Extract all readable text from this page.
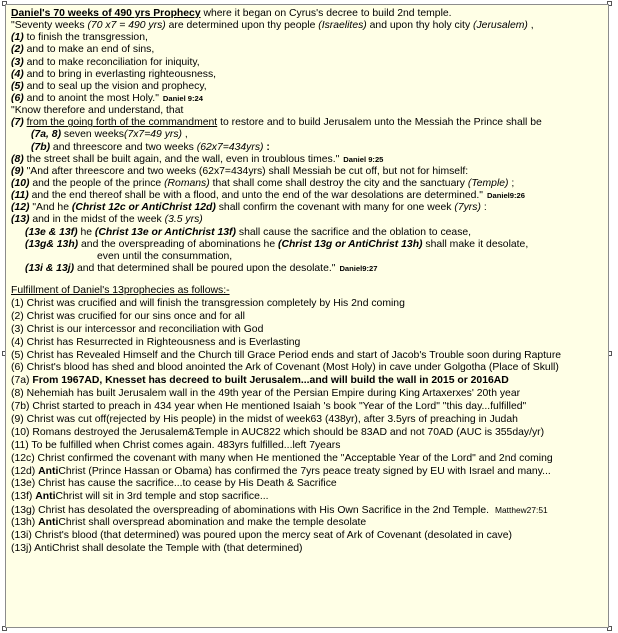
Daniel's 70 weeks of 490 yrs Prophecy where it began on Cyrus's decree to build 2nd temple.
"Seventy weeks (70 x7 = 490 yrs) are determined upon thy people (Israelites) and upon thy holy city (Jerusalem) ,
(1) to finish the transgression,
(2) and to make an end of sins,
(3) and to make reconciliation for iniquity,
(4) and to bring in everlasting righteousness,
(5) and to seal up the vision and prophecy,
(6) and to anoint the most Holy." Daniel 9:24
"Know therefore and understand, that
(7) from the going forth of the commandment to restore and to build Jerusalem unto the Messiah the Prince shall be
(7a, 8) seven weeks(7x7=49 yrs) ,
(7b) and threescore and two weeks (62x7=434yrs) :
(8) the street shall be built again, and the wall, even in troublous times." Daniel 9:25
(9) "And after threescore and two weeks (62x7=434yrs) shall Messiah be cut off, but not for himself:
(10) and the people of the prince (Romans) that shall come shall destroy the city and the sanctuary (Temple) ;
(11) and the end thereof shall be with a flood, and unto the end of the war desolations are determined." Daniel9:26
(12) "And he (Christ 12c or AntiChrist 12d) shall confirm the covenant with many for one week (7yrs) :
(13) and in the midst of the week (3.5 yrs)
(13e & 13f) he (Christ 13e or AntiChrist 13f) shall cause the sacrifice and the oblation to cease,
(13g& 13h) and the overspreading of abominations he (Christ 13g or AntiChrist 13h) shall make it desolate,
even until the consummation,
(13i & 13j) and that determined shall be poured upon the desolate." Daniel9:27
Fulfillment of Daniel's 13prophecies as follows:-
(1) Christ was crucified and will finish the transgression completely by His 2nd coming
(2) Christ was crucified for our sins once and for all
(3) Christ is our intercessor and reconciliation with God
(4) Christ has Resurrected in Righteousness and is Everlasting
(5) Christ has Revealed Himself and the Church till Grace Period ends and start of Jacob's Trouble soon during Rapture
(6) Christ's blood has shed and blood anointed the Ark of Covenant (Most Holy) in cave under Golgotha (Place of Skull)
(7a) From 1967AD, Knesset has decreed to built Jerusalem...and will build the wall in 2015 or 2016AD
(8) Nehemiah has built Jerusalem wall in the 49th year of the Persian Empire during King Artaxerxes' 20th year
(7b) Christ started to preach in 434 year when He mentioned Isaiah 's book "Year of the Lord" "this day...fulfilled"
(9) Christ was cut off(rejected by His people) in the midst of week63 (438yr), after 3.5yrs of preaching in Judah
(10) Romans destroyed the Jerusalem&Temple in AUC822 which should be 83AD and not 70AD (AUC is 355day/yr)
(11) To be fulfilled when Christ comes again. 483yrs fulfilled...left 7years
(12c) Christ confirmed the covenant with many when He mentioned the "Acceptable Year of the Lord" and 2nd coming
(12d) AntiChrist (Prince Hassan or Obama) has confirmed the 7yrs peace treaty signed by EU with Israel and many...
(13e) Christ has cause the sacrifice...to cease by His Death & Sacrifice
(13f) AntiChrist will sit in 3rd temple and stop sacrifice...
(13g) Christ has desolated the overspreading of abominations with His Own Sacrifice in the 2nd Temple. Matthew27:51
(13h) AntiChrist shall overspread abomination and make the temple desolate
(13i) Christ's blood (that determined) was poured upon the mercy seat of Ark of Covenant (desolated in cave)
(13j) AntiChrist shall desolate the Temple with (that determined)
